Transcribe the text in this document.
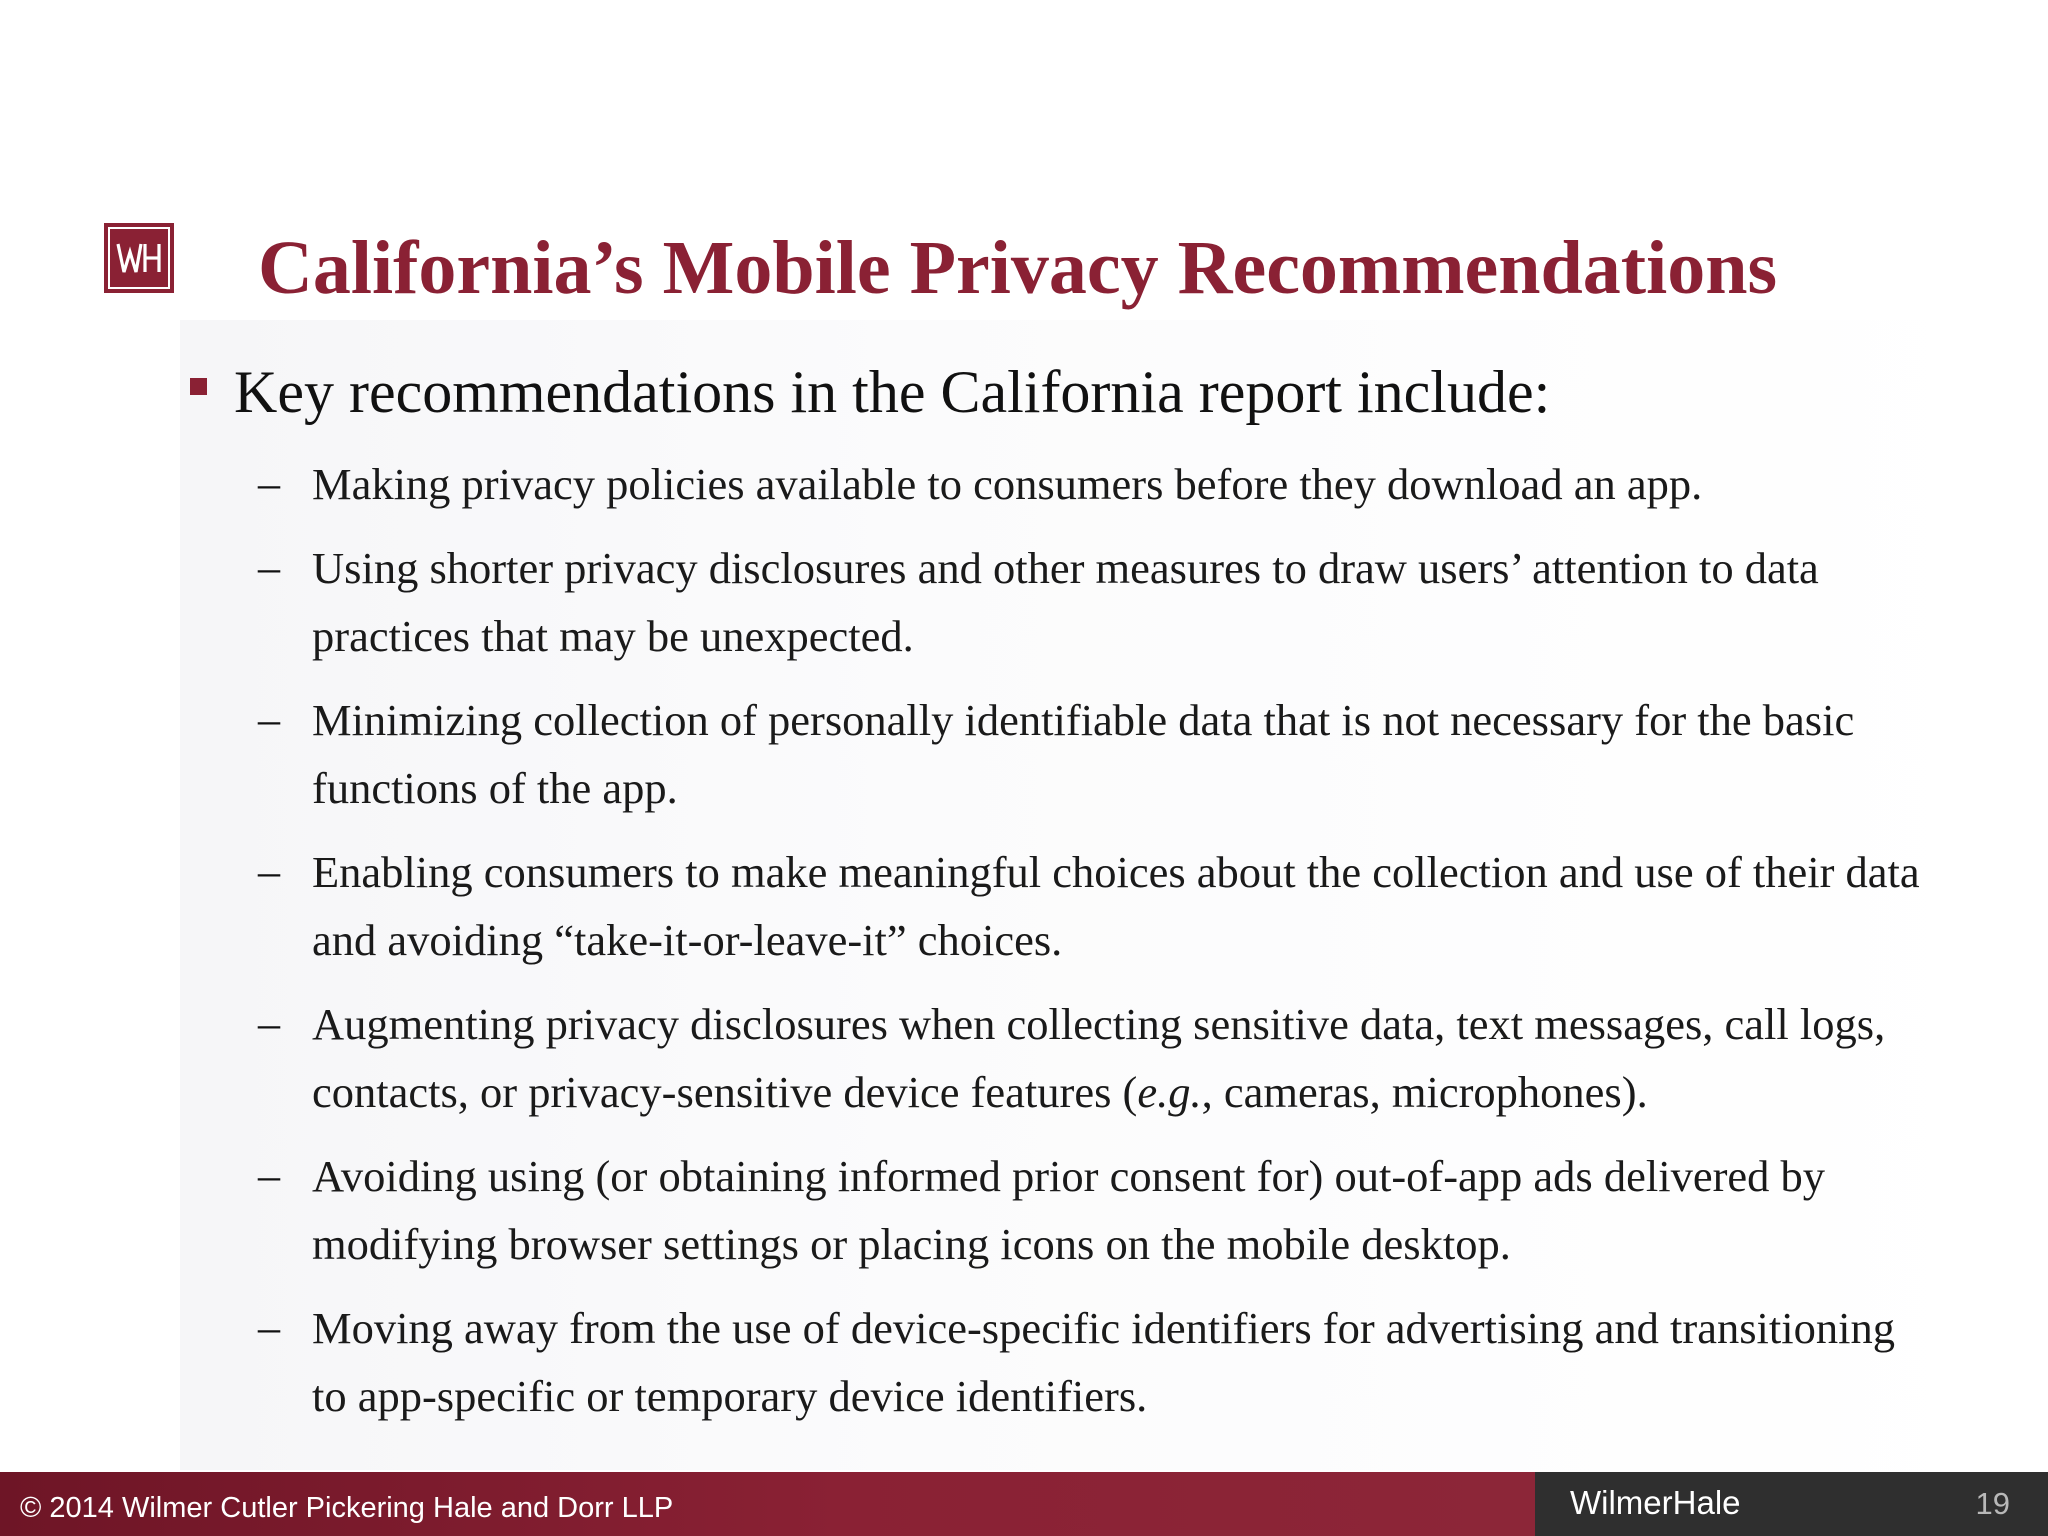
California’s Mobile Privacy Recommendations
Key recommendations in the California report include:
– Making privacy policies available to consumers before they download an app.
– Using shorter privacy disclosures and other measures to draw users’ attention to data practices that may be unexpected.
– Minimizing collection of personally identifiable data that is not necessary for the basic functions of the app.
– Enabling consumers to make meaningful choices about the collection and use of their data and avoiding “take-it-or-leave-it” choices.
– Augmenting privacy disclosures when collecting sensitive data, text messages, call logs, contacts, or privacy-sensitive device features (e.g., cameras, microphones).
– Avoiding using (or obtaining informed prior consent for) out-of-app ads delivered by modifying browser settings or placing icons on the mobile desktop.
– Moving away from the use of device-specific identifiers for advertising and transitioning to app-specific or temporary device identifiers.
© 2014 Wilmer Cutler Pickering Hale and Dorr LLP	WilmerHale	19
